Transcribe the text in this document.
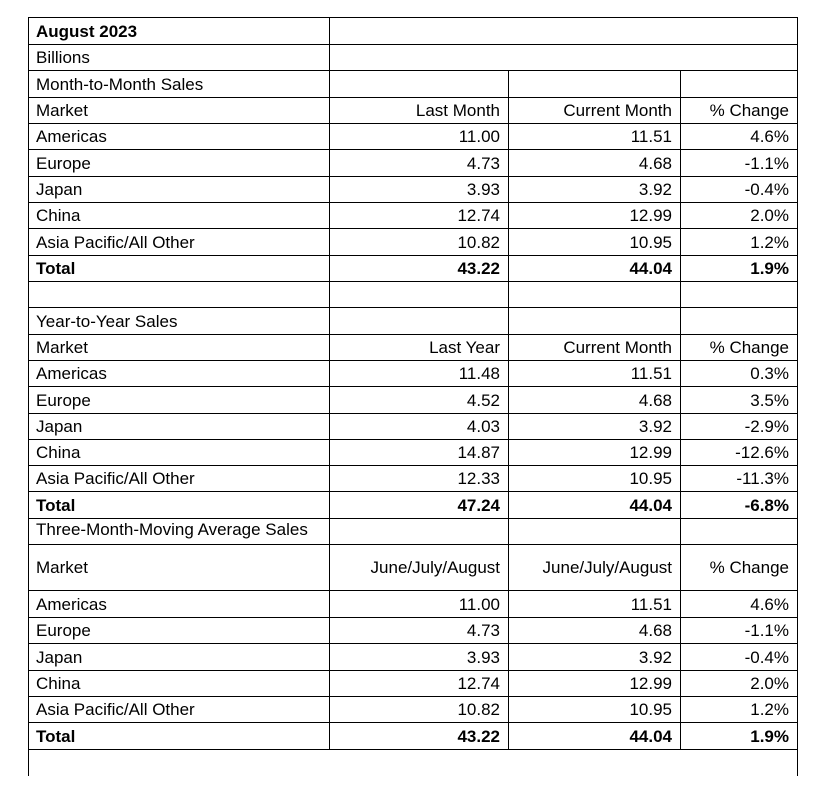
August 2023
Billions
Month-to-Month Sales
Market	Last Month	Current Month	% Change
Americas	11.00	11.51	4.6%
Europe	4.73	4.68	-1.1%
Japan	3.93	3.92	-0.4%
China	12.74	12.99	2.0%
Asia Pacific/All Other	10.82	10.95	1.2%
Total	43.22	44.04	1.9%
Year-to-Year Sales
Market	Last Year	Current Month	% Change
Americas	11.48	11.51	0.3%
Europe	4.52	4.68	3.5%
Japan	4.03	3.92	-2.9%
China	14.87	12.99	-12.6%
Asia Pacific/All Other	12.33	10.95	-11.3%
Total	47.24	44.04	-6.8%
Three-Month-Moving Average Sales
Market	June/July/August	June/July/August	% Change
Americas	11.00	11.51	4.6%
Europe	4.73	4.68	-1.1%
Japan	3.93	3.92	-0.4%
China	12.74	12.99	2.0%
Asia Pacific/All Other	10.82	10.95	1.2%
Total	43.22	44.04	1.9%
